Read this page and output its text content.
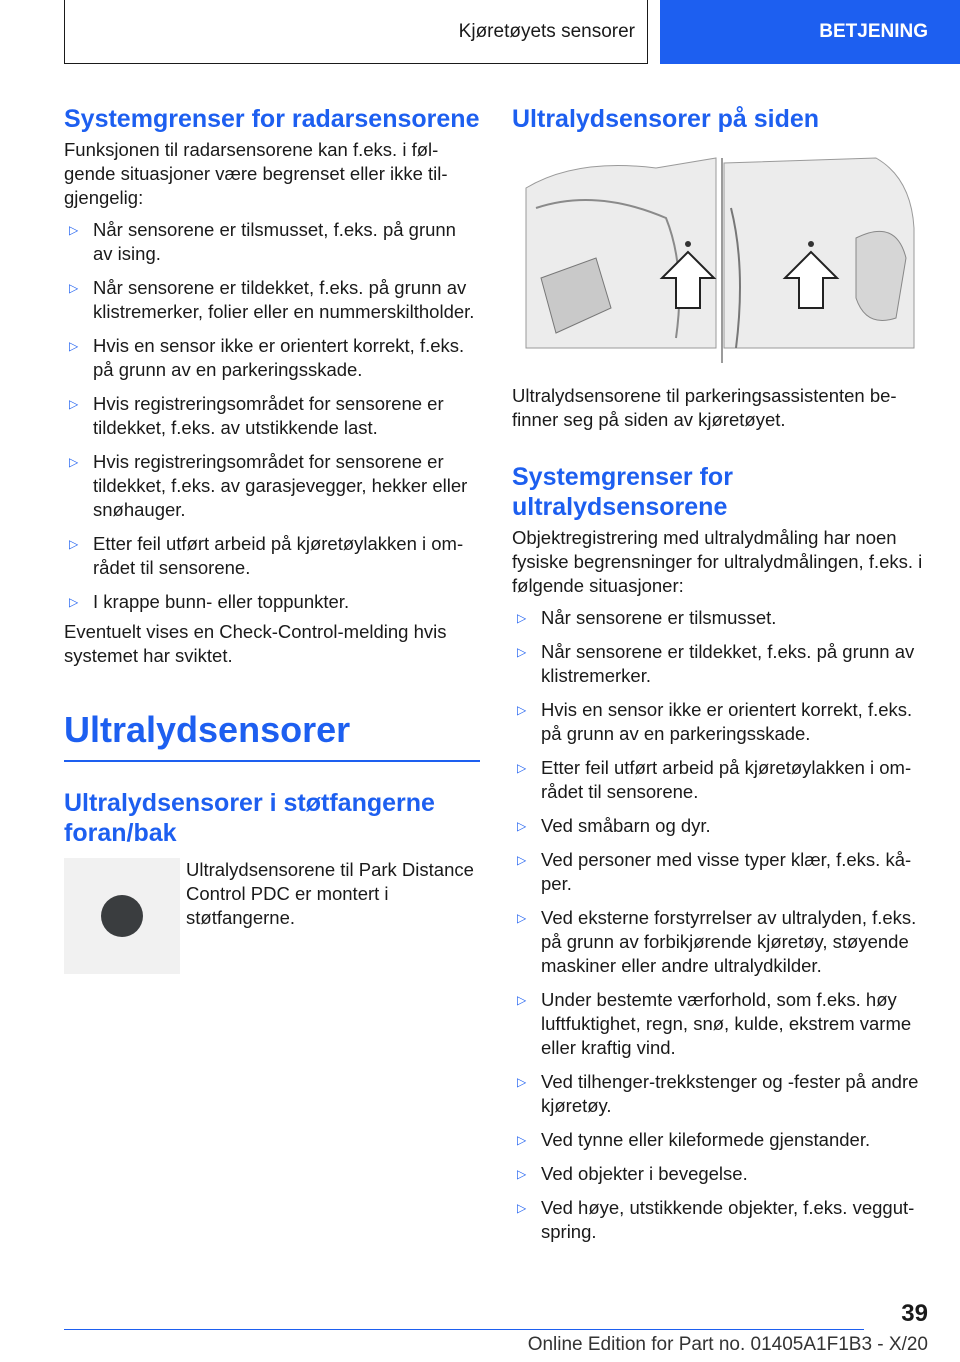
Kjøretøyets sensorer	BETJENING
Systemgrenser for radarsensorene

Funksjonen til radarsensorene kan f.eks. i følgende situasjoner være begrenset eller ikke tilgjengelig:

▷ Når sensorene er tilsmusset, f.eks. på grunn av ising.
▷ Når sensorene er tildekket, f.eks. på grunn av klistremerker, folier eller en nummerskiltholder.
▷ Hvis en sensor ikke er orientert korrekt, f.eks. på grunn av en parkeringsskade.
▷ Hvis registreringsområdet for sensorene er tildekket, f.eks. av utstikkende last.
▷ Hvis registreringsområdet for sensorene er tildekket, f.eks. av garasjevegger, hekker eller snøhauger.
▷ Etter feil utført arbeid på kjøretøylakken i området til sensorene.
▷ I krappe bunn- eller toppunkter.

Eventuelt vises en Check-Control-melding hvis systemet har sviktet.

Ultralydsensorer
Ultralydsensorer i støtfangerne foran/bak

Ultralydsensorene til Park Distance Control PDC er montert i støtfangerne.

Ultralydsensorer på siden

Ultralydsensorene til parkeringsassistenten befinner seg på siden av kjøretøyet.

Systemgrenser for ultralydsensorene

Objektregistrering med ultralydmåling har noen fysiske begrensninger for ultralydmålingen, f.eks. i følgende situasjoner:

▷ Når sensorene er tilsmusset.
▷ Når sensorene er tildekket, f.eks. på grunn av klistremerker.
▷ Hvis en sensor ikke er orientert korrekt, f.eks. på grunn av en parkeringsskade.
▷ Etter feil utført arbeid på kjøretøylakken i området til sensorene.
▷ Ved småbarn og dyr.
▷ Ved personer med visse typer klær, f.eks. kåper.
▷ Ved eksterne forstyrrelser av ultralyden, f.eks. på grunn av forbikjørende kjøretøy, støyende maskiner eller andre ultralydkilder.
▷ Under bestemte værforhold, som f.eks. høy luftfuktighet, regn, snø, kulde, ekstrem varme eller kraftig vind.
▷ Ved tilhenger-trekkstenger og -fester på andre kjøretøy.
▷ Ved tynne eller kileformede gjenstander.
▷ Ved objekter i bevegelse.
▷ Ved høye, utstikkende objekter, f.eks. veggutspring.
39
Online Edition for Part no. 01405A1F1B3 - X/20
